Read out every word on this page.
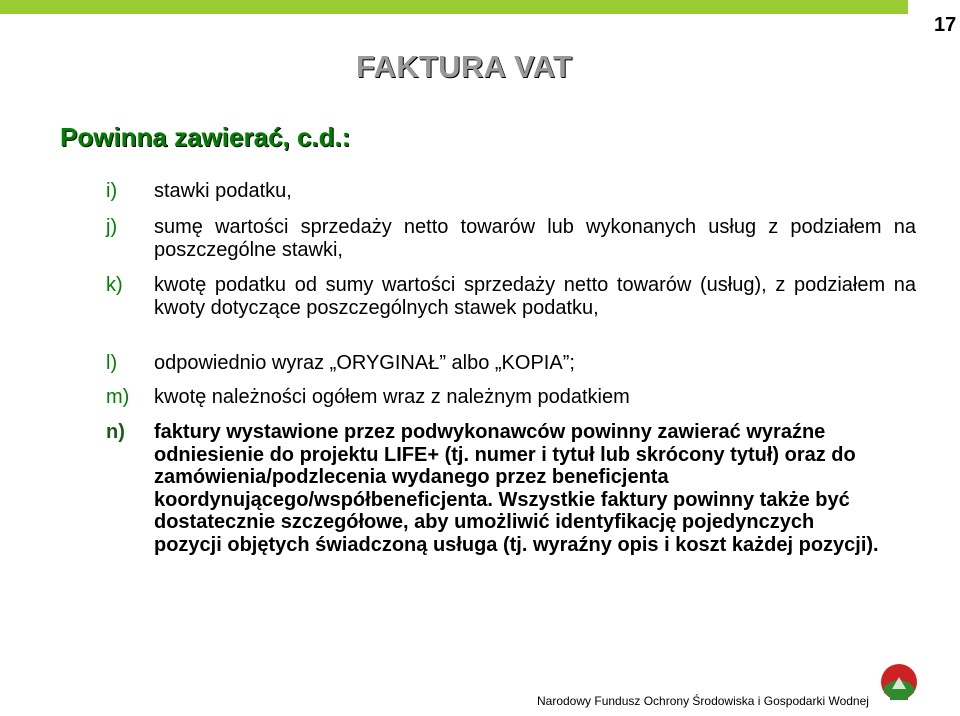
17
FAKTURA VAT
Powinna zawierać, c.d.:
i) stawki podatku,
j) sumę wartości sprzedaży netto towarów lub wykonanych usług z podziałem na poszczególne stawki,
k) kwotę podatku od sumy wartości sprzedaży netto towarów (usług), z podziałem na kwoty dotyczące poszczególnych stawek podatku,
l) odpowiednio wyraz „ORYGINAŁ” albo „KOPIA”;
m) kwotę należności ogółem wraz z należnym podatkiem
n) faktury wystawione przez podwykonawców powinny zawierać wyraźne odniesienie do projektu LIFE+ (tj. numer i tytuł lub skrócony tytuł) oraz do zamówienia/podzlecenia wydanego przez beneficjenta koordynującego/współbeneficjenta. Wszystkie faktury powinny także być dostatecznie szczegółowe, aby umożliwić identyfikację pojedynczych pozycji objętych świadczoną usługa (tj. wyraźny opis i koszt każdej pozycji).
Narodowy Fundusz Ochrony Środowiska i Gospodarki Wodnej
